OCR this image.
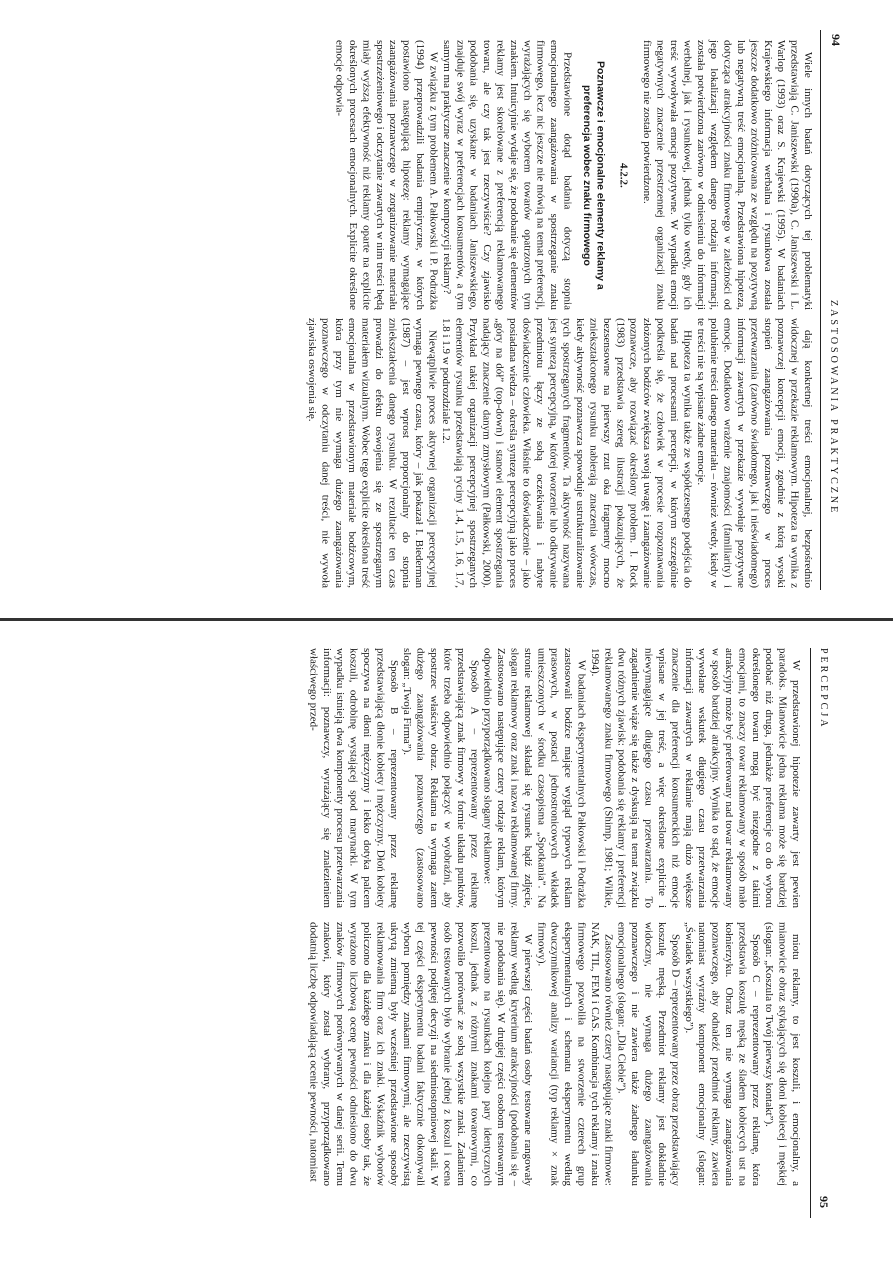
94
ZASTOSOWANIA PRAKTYCZNE

Wiele innych badań dotyczących tej problematyki przedstawiają C. Janiszewski (1990a), C. Janiszewski i L. Warlop (1993) oraz S. Krajewski (1995). W badaniach Krajewskiego informacja werbalna i rysunkowa została jeszcze dodatkowo zróżnicowana ze względu na pozytywną lub negatywną treść emocjonalną. Przedstawiona hipoteza, dotycząca atrakcyjności znaku firmowego w zależności od jego lokalizacji względem danego rodzaju informacji, została potwierdzona zarówno w odniesieniu do informacji werbalnej, jak i rysunkowej, jednak tylko wtedy, gdy ich treść wywoływała emocje pozytywne. W wypadku emocji negatywnych znaczenie przestrzennej organizacji znaku firmowego nie zostało potwierdzone.

4.2.2.

Poznawcze i emocjonalne elementy reklamy a preferencja wobec znaku firmowego

Przedstawione dotąd badania dotyczą stopnia emocjonalnego zaangażowania w spostrzeganie znaku firmowego, lecz nic jeszcze nie mówią na temat preferencji, wyrażających się wyborem towarów opatrzonych tym znakiem. Intuicyjnie wydaje się, że podobanie się elementów reklamy jest skorelowane z preferencją reklamowanego towaru, ale czy tak jest rzeczywiście? Czy zjawisko podobania się, uzyskane w badaniach Janiszewskiego, znajduje swój wyraz w preferencjach konsumentów, a tym samym ma praktyczne znaczenie w kompozycji reklamy?

W związku z tym problemem A. Pałkowski i P. Podrażka (1994) przeprowadzili badania empiryczne, w których postawiono następującą hipotezę: reklamy wymagające zaangażowania poznawczego w zorganizowanie materiału spostrzeżeniowego i odczytanie zawartych w nim treści będą miały wyższą efektywność niż reklamy oparte na explicite określonych procesach emocjonalnych. Explicite określone emocje odpowia-

dają konkretnej treści emocjonalnej, bezpośrednio widocznej w przekazie reklamowym. Hipoteza ta wynika z poznawczej koncepcji emocji, zgodnie z którą wysoki stopień zaangażowania poznawczego w proces przetwarzania (zarówno świadomego, jak i nieświadomego) informacji zawartych w przekazie wywołuje pozytywne emocje. Dodatkowo wrażenie znajomości (familiarity) i polubienie treści danego materiału – również wtedy, kiedy w te treści nie są wpisane żadne emocje.

Hipoteza ta wynika także ze współczesnego podejścia do badań nad procesami percepcji, w którym szczególnie podkreśla się, że człowiek w procesie rozpoznawania złożonych bodźców zwiększa swoją uwagę i zaangażowanie poznawcze, aby rozwiązać określony problem. I. Rock (1983) przedstawia szereg ilustracji pokazujących, że bezsensowne na pierwszy rzut oka fragmenty mocno zniekształconego rysunku nabierają znaczenia wówczas, kiedy aktywność poznawcza spowoduje ustrukturalizowanie tych spostrzeganych fragmentów. Ta aktywność nazywana jest syntezą percepcyjną, w której tworzenie lub odkrywanie przedmiotu łączy ze sobą oczekiwania i nabyte doświadczenie człowieka. Właśnie to doświadczenie – jako posiadana wiedza – określa syntezę percepcyjną jako proces „góry na dół” (top-down) i stanowi element spostrzegania nadający znaczenie danym zmysłowym (Pałkowski, 2000). Przykład takiej organizacji percepcyjnej spostrzeganych elementów rysunku przedstawiają ryciny 1.4, 1.5, 1.6, 1.7, 1.8 i 1.9 w podrozdziale 1.2.

Niewątpliwie proces aktywnej organizacji percepcyjnej wymaga pewnego czasu, który – jak pokazał I. Biederman (1987) – jest wprost proporcjonalny do stopnia zniekształcenia danego rysunku. W rezultacie ten czas prowadzi do efektu oswojenia się ze spostrzeganym materiałem wizualnym. Wobec tego explicite określona treść emocjonalna w przedstawionym materiale bodźcowym, która przy tym nie wymaga dużego zaangażowania poznawczego w odczytaniu danej treści, nie wywoła zjawiska oswojenia się.

PERCEPCJA
95

W przedstawionej hipotezie zawarty jest pewien paradoks. Mianowicie jedna reklama może się bardziej podobać niż druga, jednakże preferencje co do wyboru określonego towaru mogą być niezgodne z takimi emocjami, to znaczy towar reklamowany w sposób mało atrakcyjny może być preferowany nad towar reklamowany w sposób bardziej atrakcyjny. Wynika to stąd, że emocje wywołane wskutek długiego czasu przetwarzania informacji zawartych w reklamie mają dużo większe znaczenie dla preferencji konsumenckich niż emocje wpisane w jej treść, a więc określone explicite i niewymagające długiego czasu przetwarzania. To zagadnienie wiąże się także z dyskusją na temat związku dwu różnych zjawisk: podobania się reklamy i preferencji reklamowanego znaku firmowego (Shimp, 1981; Wilkie, 1994).

W badaniach eksperymentalnych Pałkowski i Podrażka zastosowali bodźce mające wygląd typowych reklam prasowych, w postaci jednostronicowych wkładek umieszczonych w środku czasopisma „Spotkania”. Na stronie reklamowej składał się rysunek bądź zdjęcie, slogan reklamowy oraz znak i nazwa reklamowanej firmy. Zastosowano następujące cztery rodzaje reklam, którym odpowiednio przyporządkowano slogany reklamowe:

Sposób A – reprezentowany przez reklamę przedstawiającą znak firmowy w formie układu punktów, które trzeba odpowiednio połączyć w wyobraźni, aby spostrzec właściwy obraz. Reklama ta wymaga zatem dużego zaangażowania poznawczego (zastosowano slogan: „Twoja Firma”).

Sposób B – reprezentowany przez reklamę przedstawiającą dłonie kobiety i mężczyzny. Dłoń kobiety spoczywa na dłoni mężczyzny i lekko dotyka palcem koszuli, odrobinę wystającej spod marynarki. W tym wypadku istnieją dwa komponenty procesu przetwarzania informacji: poznawczy, wyrażający się znalezieniem właściwego przed-

miotu reklamy, to jest koszuli, i emocjonalny, a mianowicie obraz stykających się dłoni kobiecej i męskiej (slogan: „Koszula to Twój pierwszy kontakt”).

Sposób C – reprezentowany przez reklamę, która przedstawia koszulę męską ze śladem kobiecych ust na kołnierzyku. Obraz ten nie wymaga zaangażowania poznawczego, aby odnaleźć przedmiot reklamy, zawiera natomiast wyraźny komponent emocjonalny (slogan: „Świadek wszystkiego”).

Sposób D – reprezentowany przez obraz przedstawiający koszulę męską. Przedmiot reklamy jest dokładnie widoczny, nie wymaga dużego zaangażowania poznawczego i nie zawiera także żadnego ładunku emocjonalnego (slogan: „Dla Ciebie”).

Zastosowano również cztery następujące znaki firmowe: NAK, TIL, FEM i CAS. Kombinacja tych reklamy i znaku firmowego pozwoliła na stworzenie czterech grup eksperymentalnych i schematu eksperymentu według dwuczynnikowej analizy wariancji (typ reklamy × znak firmowy).

W pierwszej części badań osoby testowane rangowały reklamy według kryterium atrakcyjności (podobania się – nie podobania się). W drugiej części osobom testowanym prezentowano na rysunkach kolejno pary identycznych koszul, jednak z różnymi znakami towarowymi, co pozwoliło porównać ze sobą wszystkie znaki. Zadaniem osób testowanych było wybranie jednej z koszul i ocena pewności podjętej decyzji na siedmiostopniowej skali. W tej części eksperymentu badani faktycznie dokonywali wyboru pomiędzy znakami firmowymi, ale rzeczywistą ukrytą zmienną były wcześniej przedstawione sposoby reklamowania firm oraz ich znaki. Wskaźnik wyborów policzono dla każdego znaku i dla każdej osoby tak, że wyrażono liczbową ocenę pewności odniesiono do dwu znaków firmowych porównywanych w danej serii. Temu znakowi, który został wybrany, przyporządkowano dodatnią liczbę odpowiadającą ocenie pewności, natomiast
